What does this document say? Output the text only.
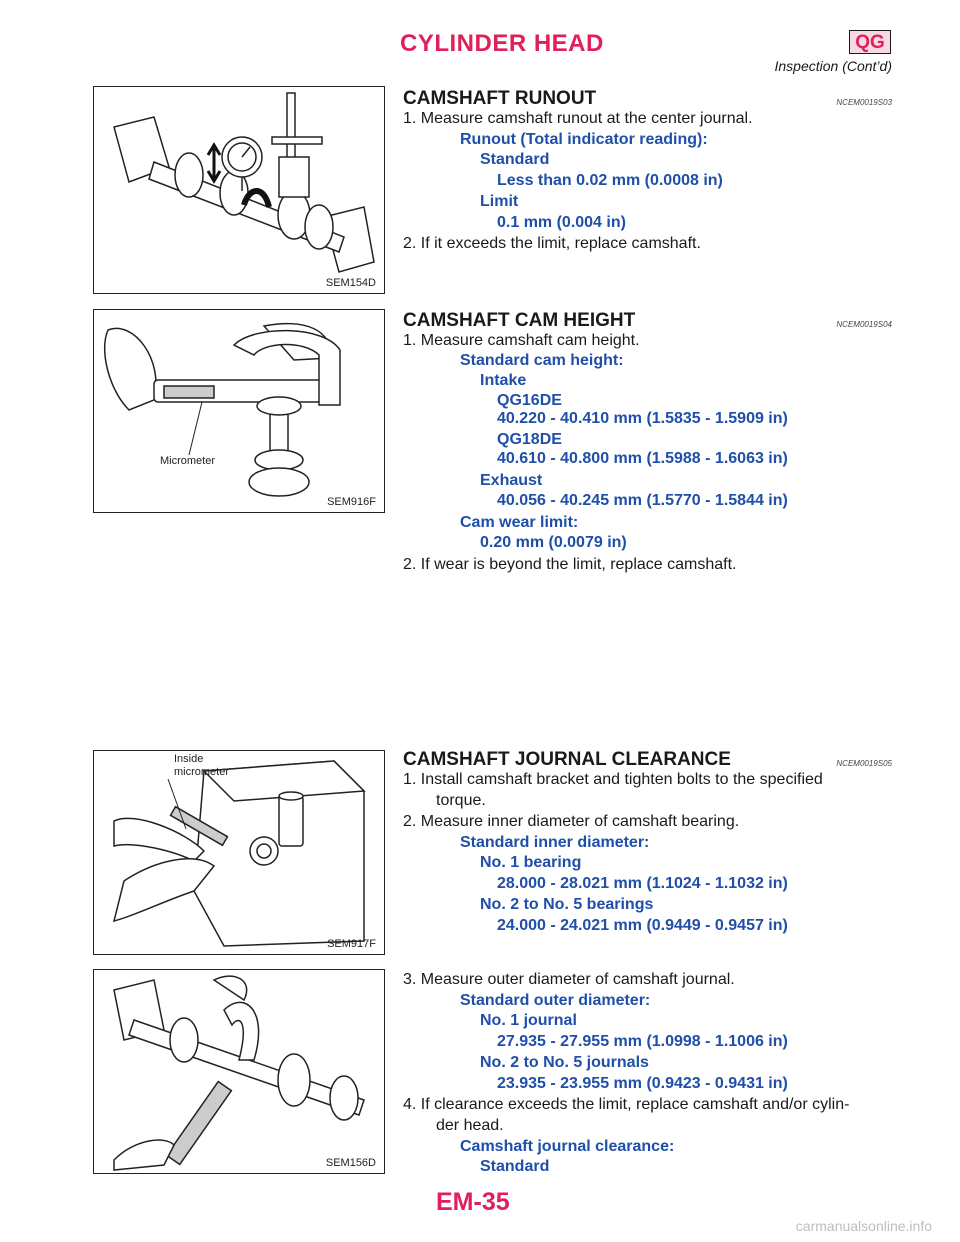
CYLINDER HEAD	QG
Inspection (Cont’d)
SEM154D
Micrometer
SEM916F
Inside
micrometer
SEM917F
SEM156D
CAMSHAFT RUNOUT	NCEM0019S03
1. Measure camshaft runout at the center journal.
Runout (Total indicator reading):
Standard
Less than 0.02 mm (0.0008 in)
Limit
0.1 mm (0.004 in)
2. If it exceeds the limit, replace camshaft.
CAMSHAFT CAM HEIGHT	NCEM0019S04
1. Measure camshaft cam height.
Standard cam height:
Intake
QG16DE
40.220 - 40.410 mm (1.5835 - 1.5909 in)
QG18DE
40.610 - 40.800 mm (1.5988 - 1.6063 in)
Exhaust
40.056 - 40.245 mm (1.5770 - 1.5844 in)
Cam wear limit:
0.20 mm (0.0079 in)
2. If wear is beyond the limit, replace camshaft.
CAMSHAFT JOURNAL CLEARANCE	NCEM0019S05
1. Install camshaft bracket and tighten bolts to the specified
torque.
2. Measure inner diameter of camshaft bearing.
Standard inner diameter:
No. 1 bearing
28.000 - 28.021 mm (1.1024 - 1.1032 in)
No. 2 to No. 5 bearings
24.000 - 24.021 mm (0.9449 - 0.9457 in)
3. Measure outer diameter of camshaft journal.
Standard outer diameter:
No. 1 journal
27.935 - 27.955 mm (1.0998 - 1.1006 in)
No. 2 to No. 5 journals
23.935 - 23.955 mm (0.9423 - 0.9431 in)
4. If clearance exceeds the limit, replace camshaft and/or cylin-
der head.
Camshaft journal clearance:
Standard
EM-35
carmanualsonline.info
